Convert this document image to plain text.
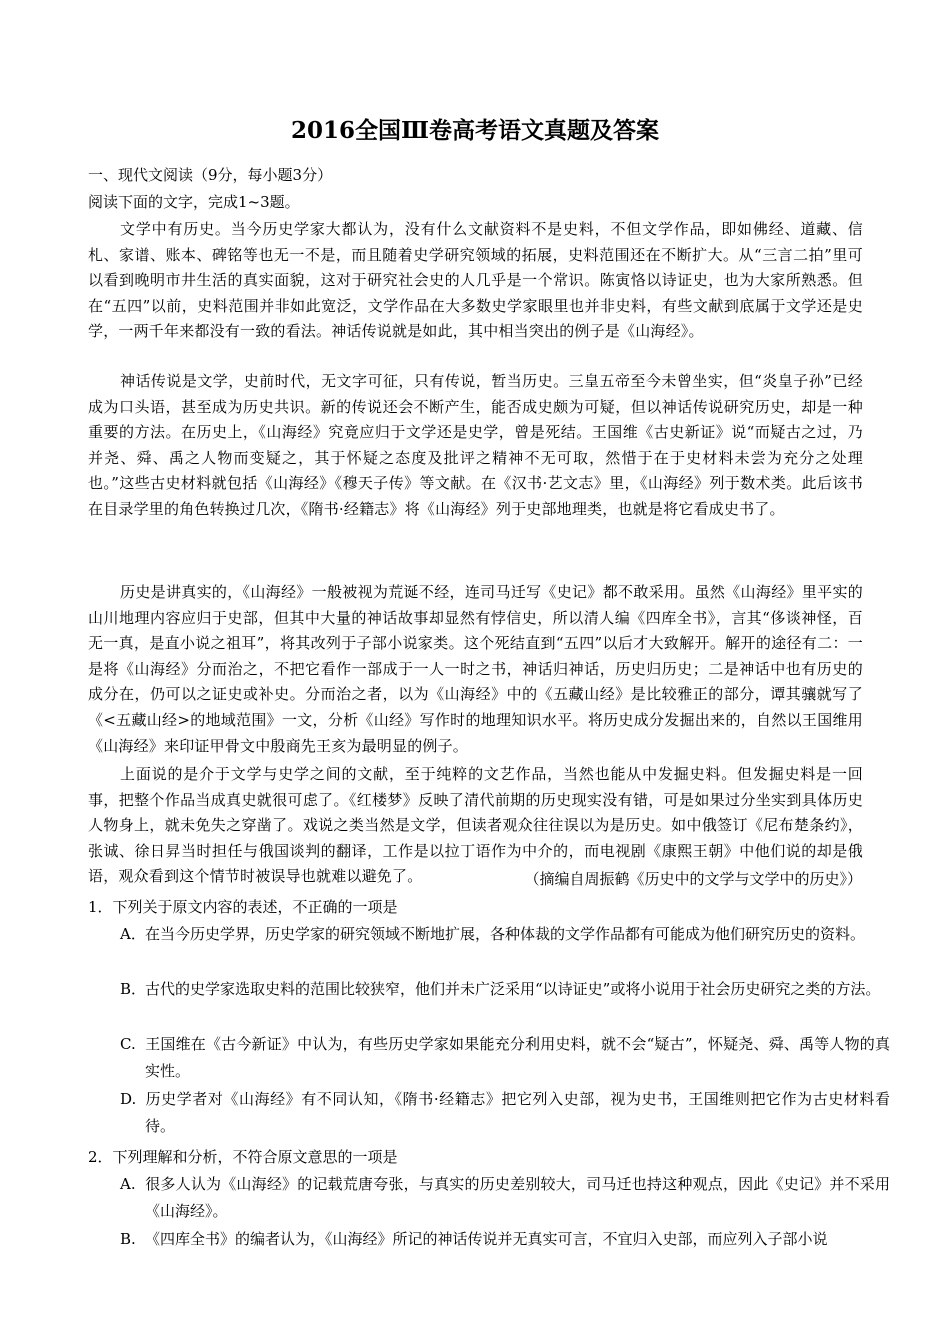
2016全国Ⅲ卷高考语文真题及答案
一、现代文阅读（9分，每小题3分）
阅读下面的文字，完成1~3题。
文学中有历史。当今历史学家大都认为，没有什么文献资料不是史料，不但文学作品，即如佛经、道藏、信札、家谱、账本、碑铭等也无一不是，而且随着史学研究领域的拓展，史料范围还在不断扩大。从“三言二拍”里可以看到晚明市井生活的真实面貌，这对于研究社会史的人几乎是一个常识。陈寅恪以诗证史，也为大家所熟悉。但在“五四”以前，史料范围并非如此宽泛，文学作品在大多数史学家眼里也并非史料，有些文献到底属于文学还是史学，一两千年来都没有一致的看法。神话传说就是如此，其中相当突出的例子是《山海经》。
神话传说是文学，史前时代，无文字可征，只有传说，暂当历史。三皇五帝至今未曾坐实，但“炎皇子孙”已经成为口头语，甚至成为历史共识。新的传说还会不断产生，能否成史颇为可疑，但以神话传说研究历史，却是一种重要的方法。在历史上，《山海经》究竟应归于文学还是史学，曾是死结。王国维《古史新证》说“而疑古之过，乃并尧、舜、禹之人物而变疑之，其于怀疑之态度及批评之精神不无可取，然惜于在于史材料未尝为充分之处理也。”这些古史材料就包括《山海经》《穆天子传》等文献。在《汉书·艺文志》里，《山海经》列于数术类。此后该书在目录学里的角色转换过几次，《隋书·经籍志》将《山海经》列于史部地理类，也就是将它看成史书了。
历史是讲真实的，《山海经》一般被视为荒诞不经，连司马迁写《史记》都不敢采用。虽然《山海经》里平实的山川地理内容应归于史部，但其中大量的神话故事却显然有悖信史，所以清人编《四库全书》，言其“侈谈神怪，百无一真，是直小说之祖耳”，将其改列于子部小说家类。这个死结直到“五四”以后才大致解开。解开的途径有二：一是将《山海经》分而治之，不把它看作一部成于一人一时之书，神话归神话，历史归历史；二是神话中也有历史的成分在，仍可以之证史或补史。分而治之者，以为《山海经》中的《五藏山经》是比较雅正的部分，谭其骧就写了《<五藏山经>的地域范围》一文，分析《山经》写作时的地理知识水平。将历史成分发掘出来的，自然以王国维用《山海经》来印证甲骨文中殷商先王亥为最明显的例子。
上面说的是介于文学与史学之间的文献，至于纯粹的文艺作品，当然也能从中发掘史料。但发掘史料是一回事，把整个作品当成真史就很可虑了。《红楼梦》反映了清代前期的历史现实没有错，可是如果过分坐实到具体历史人物身上，就未免失之穿凿了。戏说之类当然是文学，但读者观众往往误以为是历史。如中俄签订《尼布楚条约》，张诚、徐日昇当时担任与俄国谈判的翻译，工作是以拉丁语作为中介的，而电视剧《康熙王朝》中他们说的却是俄语，观众看到这个情节时被误导也就难以避免了。	（摘编自周振鹤《历史中的文学与文学中的历史》）
1．下列关于原文内容的表述，不正确的一项是
A．在当今历史学界，历史学家的研究领域不断地扩展，各种体裁的文学作品都有可能成为他们研究历史的资料。
B．古代的史学家选取史料的范围比较狭窄，他们并未广泛采用“以诗证史”或将小说用于社会历史研究之类的方法。
C. 王国维在《古今新证》中认为，有些历史学家如果能充分利用史料，就不会“疑古”，怀疑尧、舜、禹等人物的真实性。
D. 历史学者对《山海经》有不同认知，《隋书·经籍志》把它列入史部，视为史书，王国维则把它作为古史材料看待。
2．下列理解和分析，不符合原文意思的一项是
A. 很多人认为《山海经》的记载荒唐夸张，与真实的历史差别较大，司马迁也持这种观点，因此《史记》并不采用《山海经》。
B. 《四库全书》的编者认为，《山海经》所记的神话传说并无真实可言，不宜归入史部，而应列入子部小说
